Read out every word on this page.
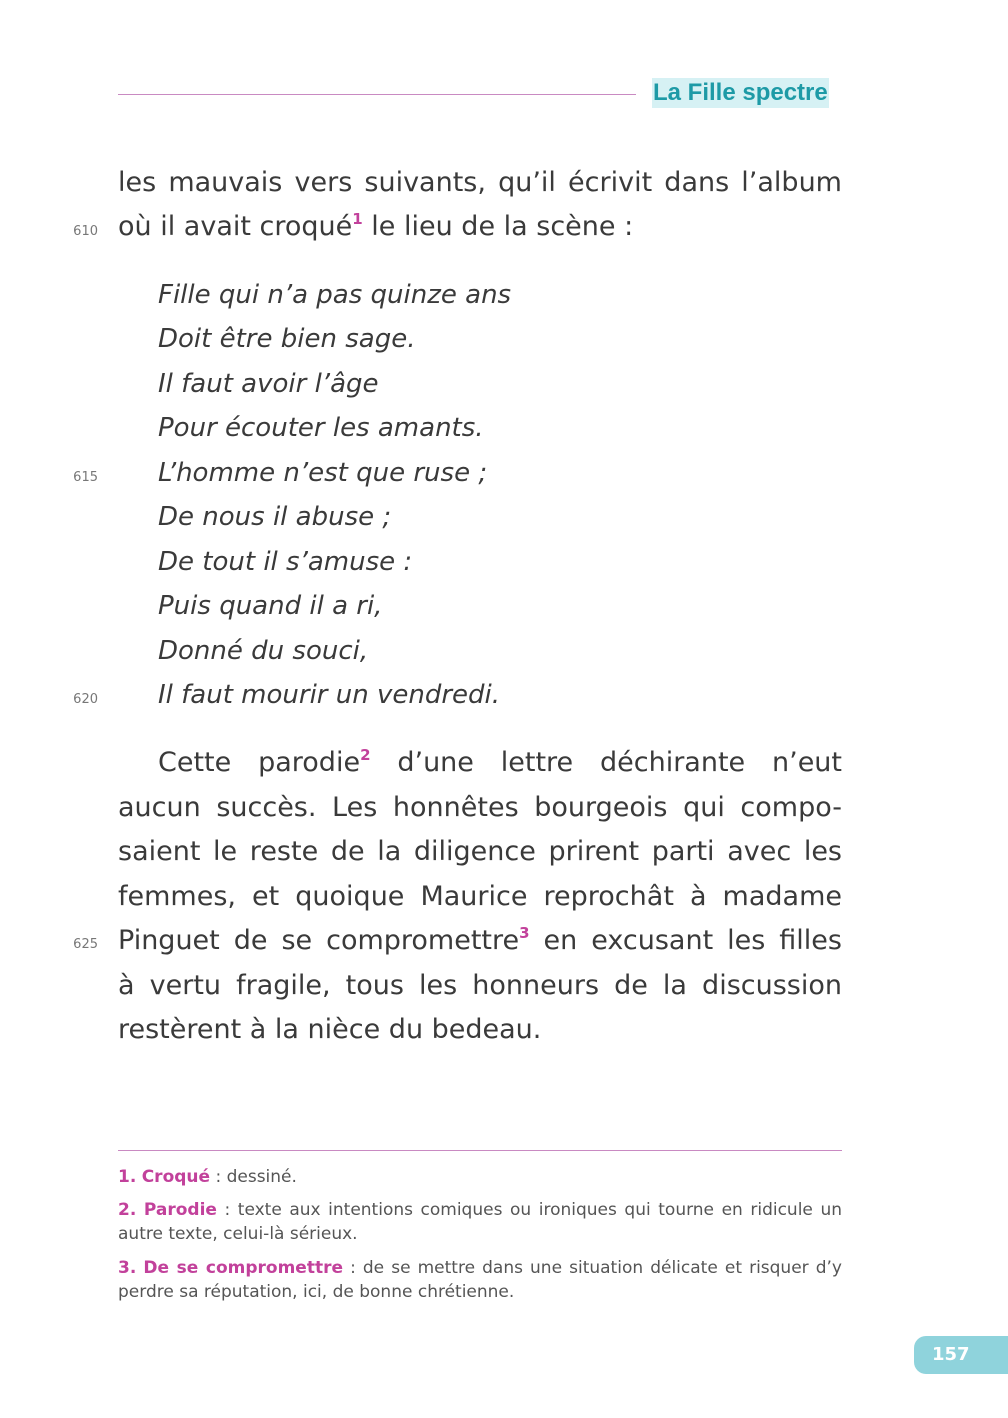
La Fille spectre
les mauvais vers suivants, qu’il écrivit dans l’album
où il avait croqué$^1$ le lieu de la scène :
610
Fille qui n’a pas quinze ans
Doit être bien sage.
Il faut avoir l’âge
Pour écouter les amants.
L’homme n’est que ruse ;
615
De nous il abuse ;
De tout il s’amuse :
Puis quand il a ri,
Donné du souci,
Il faut mourir un vendredi.
620
Cette parodie$^2$ d’une lettre déchirante n’eut
aucun succès. Les honnêtes bourgeois qui compo-
saient le reste de la diligence prirent parti avec les
femmes, et quoique Maurice reprochât à madame
Pinguet de se compromettre$^3$ en excusant les filles
625
à vertu fragile, tous les honneurs de la discussion
restèrent à la nièce du bedeau.
1. Croqué : dessiné.
2. Parodie : texte aux intentions comiques ou ironiques qui tourne en ridicule un autre texte, celui-là sérieux.
3. De se compromettre : de se mettre dans une situation délicate et risquer d’y perdre sa réputation, ici, de bonne chrétienne.
157
